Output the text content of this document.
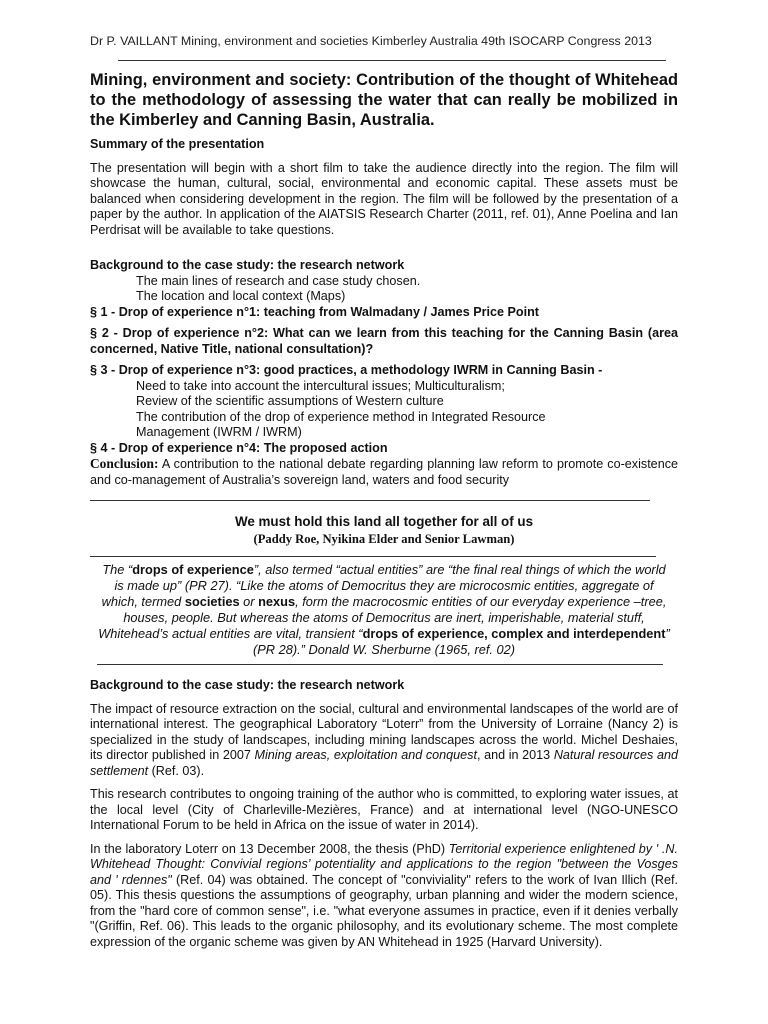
Dr P. VAILLANT Mining, environment and societies Kimberley Australia 49th ISOCARP Congress 2013
Mining, environment and society: Contribution of the thought of Whitehead to the methodology of assessing the water that can really be mobilized in the Kimberley and Canning Basin, Australia.

Summary of the presentation

The presentation will begin with a short film to take the audience directly into the region. The film will showcase the human, cultural, social, environmental and economic capital. These assets must be balanced when considering development in the region. The film will be followed by the presentation of a paper by the author. In application of the AIATSIS Research Charter (2011, ref. 01), Anne Poelina and Ian Perdrisat will be available to take questions.

Background to the case study: the research network

The main lines of research and case study chosen.

The location and local context (Maps)

§ 1 - Drop of experience n°1: teaching from Walmadany / James Price Point

§ 2 - Drop of experience n°2: What can we learn from this teaching for the Canning Basin (area concerned, Native Title, national consultation)?

§ 3 - Drop of experience n°3: good practices, a methodology IWRM in Canning Basin -

Need to take into account the intercultural issues; Multiculturalism;

Review of the scientific assumptions of Western culture

The contribution of the drop of experience method in Integrated Resource

Management (IWRM / IWRM)

§ 4 - Drop of experience n°4: The proposed action

Conclusion: A contribution to the national debate regarding planning law reform to promote co-existence and co-management of Australia’s sovereign land, waters and food security

We must hold this land all together for all of us

(Paddy Roe, Nyikina Elder and Senior Lawman)

The “drops of experience”, also termed “actual entities” are “the final real things of which the world is made up” (PR 27). “Like the atoms of Democritus they are microcosmic entities, aggregate of which, termed societies or nexus, form the macrocosmic entities of our everyday experience –tree, houses, people. But whereas the atoms of Democritus are inert, imperishable, material stuff, Whitehead’s actual entities are vital, transient “drops of experience, complex and interdependent” (PR 28).” Donald W. Sherburne (1965, ref. 02)

Background to the case study: the research network

The impact of resource extraction on the social, cultural and environmental landscapes of the world are of international interest. The geographical Laboratory “Loterr” from the University of Lorraine (Nancy 2) is specialized in the study of landscapes, including mining landscapes across the world. Michel Deshaies, its director published in 2007 Mining areas, exploitation and conquest, and in 2013 Natural resources and settlement (Ref. 03).

This research contributes to ongoing training of the author who is committed, to exploring water issues, at the local level (City of Charleville-Mezières, France) and at international level (NGO-UNESCO International Forum to be held in Africa on the issue of water in 2014).

In the laboratory Loterr on 13 December 2008, the thesis (PhD) Territorial experience enlightened by ' .N. Whitehead Thought: Convivial regions’ potentiality and applications to the region "between the Vosges and ' rdennes" (Ref. 04) was obtained. The concept of "conviviality" refers to the work of Ivan Illich (Ref. 05). This thesis questions the assumptions of geography, urban planning and wider the modern science, from the "hard core of common sense", i.e. "what everyone assumes in practice, even if it denies verbally "(Griffin, Ref. 06). This leads to the organic philosophy, and its evolutionary scheme. The most complete expression of the organic scheme was given by AN Whitehead in 1925 (Harvard University).
